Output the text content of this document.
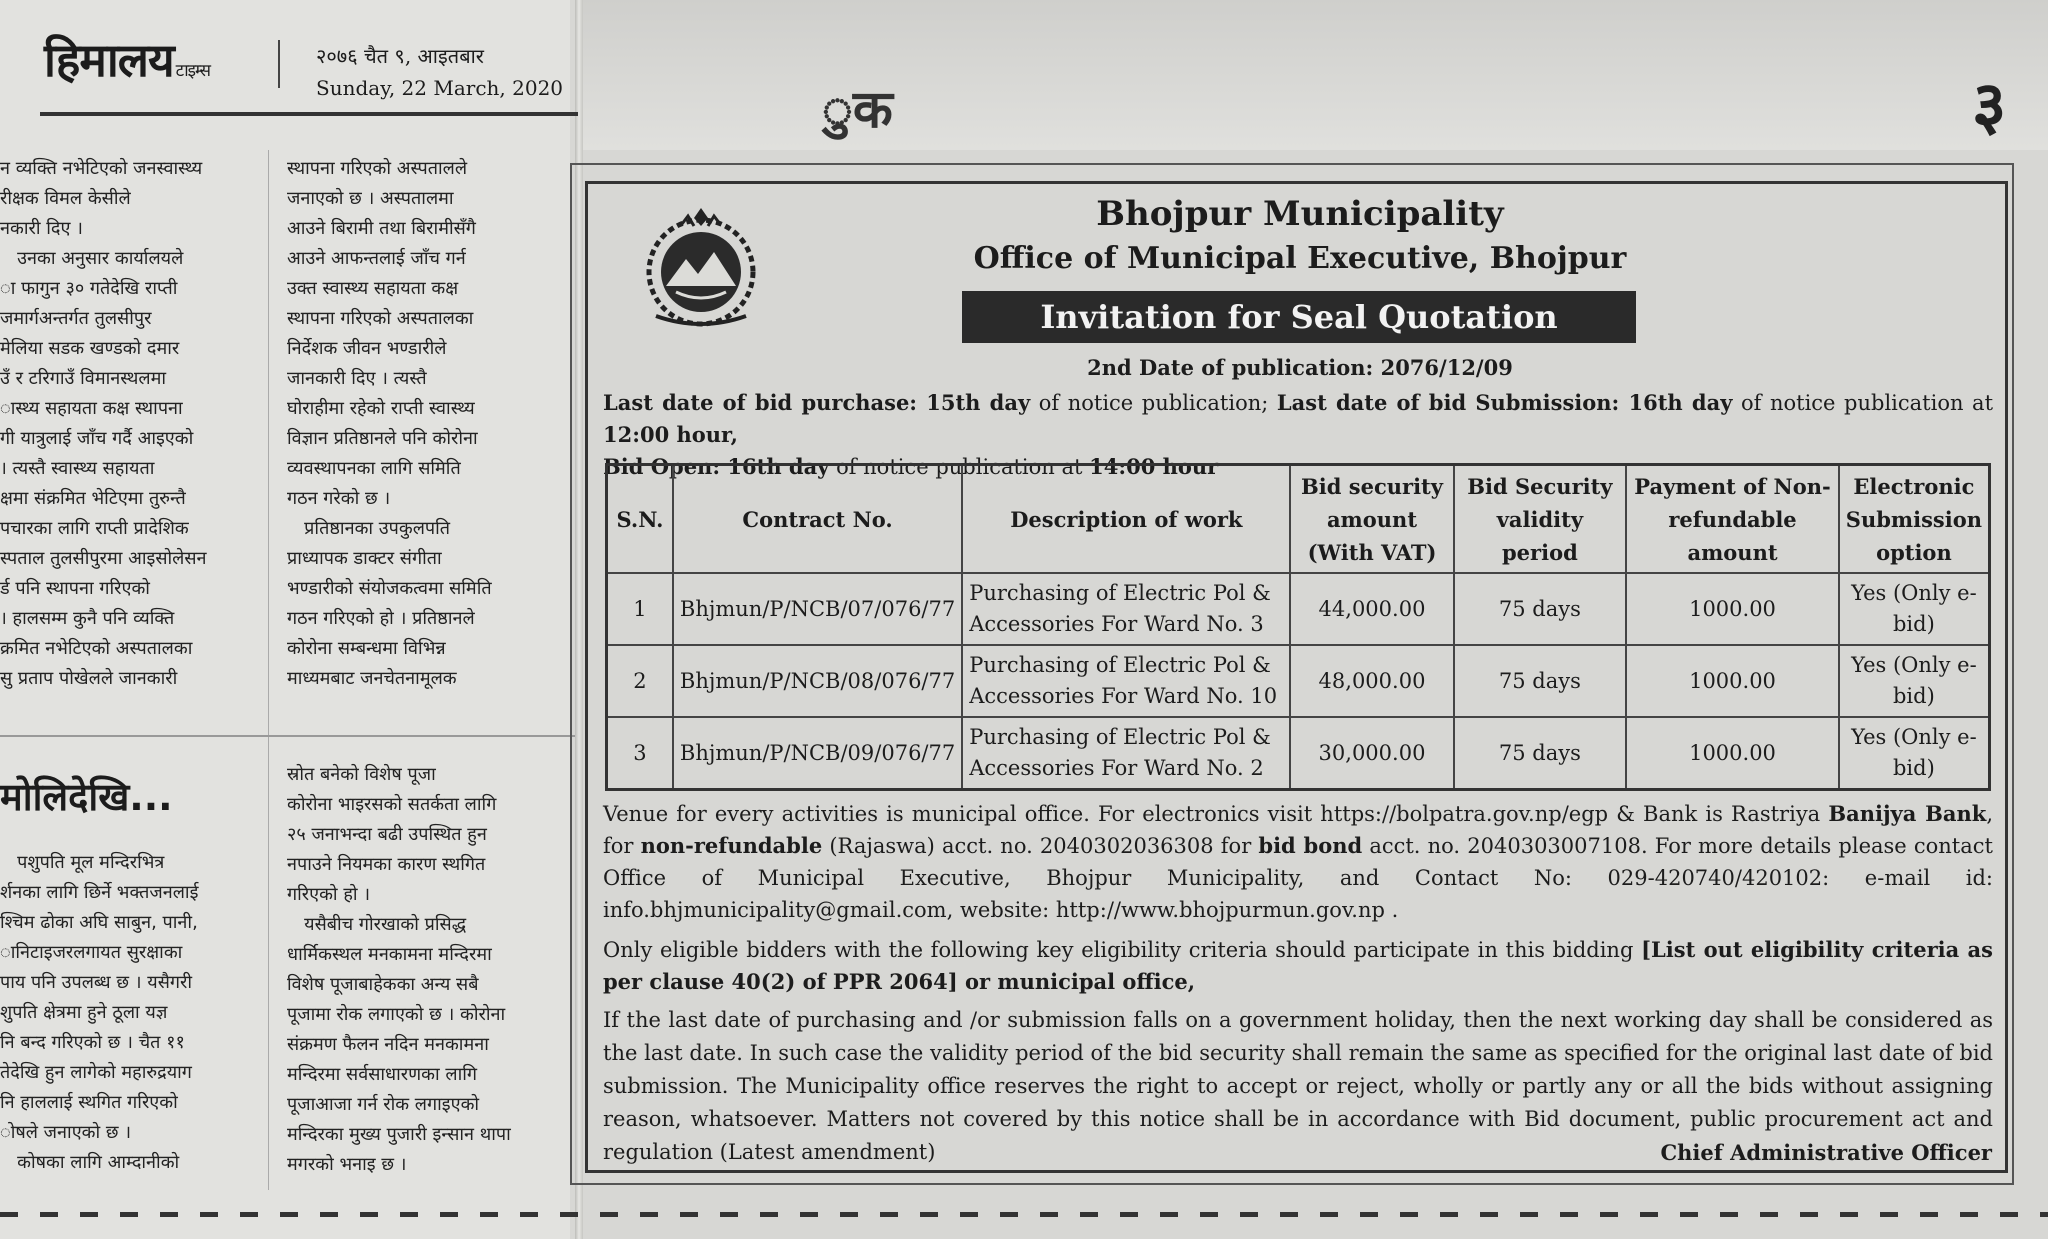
हिमालय टाइम्स
२०७६ चैत ९, आइतबार
Sunday, 22 March, 2020
न व्यक्ति नभेटिएको जनस्वास्थ्य
रीक्षक विमल केसीले
नकारी दिए ।
उनका अनुसार कार्यालयले
ा फागुन ३० गतेदेखि राप्ती
जमार्गअन्तर्गत तुलसीपुर
मेलिया सडक खण्डको दमार
उँ र टरिगाउँ विमानस्थलमा
ास्थ्य सहायता कक्ष स्थापना
गी यात्रुलाई जाँच गर्दै आइएको
। त्यस्तै स्वास्थ्य सहायता
क्षमा संक्रमित भेटिएमा तुरुन्तै
पचारका लागि राप्ती प्रादेशिक
स्पताल तुलसीपुरमा आइसोलेसन
र्ड पनि स्थापना गरिएको
। हालसम्म कुनै पनि व्यक्ति
क्रमित नभेटिएको अस्पतालका
सु प्रताप पोखेलले जानकारी
स्थापना गरिएको अस्पतालले
जनाएको छ । अस्पतालमा
आउने बिरामी तथा बिरामीसँगै
आउने आफन्तलाई जाँच गर्न
उक्त स्वास्थ्य सहायता कक्ष
स्थापना गरिएको अस्पतालका
निर्देशक जीवन भण्डारीले
जानकारी दिए । त्यस्तै
घोराहीमा रहेको राप्ती स्वास्थ्य
विज्ञान प्रतिष्ठानले पनि कोरोना
व्यवस्थापनका लागि समिति
गठन गरेको छ ।
प्रतिष्ठानका उपकुलपति
प्राध्यापक डाक्टर संगीता
भण्डारीको संयोजकत्वमा समिति
गठन गरिएको हो । प्रतिष्ठानले
कोरोना सम्बन्धमा विभिन्न
माध्यमबाट जनचेतनामूलक
मोलिदेखि...
पशुपति मूल मन्दिरभित्र
र्शनका लागि छिर्ने भक्तजनलाई
श्चिम ढोका अघि साबुन, पानी,
ानिटाइजरलगायत सुरक्षाका
पाय पनि उपलब्ध छ । यसैगरी
शुपति क्षेत्रमा हुने ठूला यज्ञ
नि बन्द गरिएको छ । चैत ११
तेदेखि हुन लागेको महारुद्रयाग
नि हाललाई स्थगित गरिएको
ोषले जनाएको छ ।
कोषका लागि आम्दानीको
स्रोत बनेको विशेष पूजा
कोरोना भाइरसको सतर्कता लागि
२५ जनाभन्दा बढी उपस्थित हुन
नपाउने नियमका कारण स्थगित
गरिएको हो ।
यसैबीच गोरखाको प्रसिद्ध
धार्मिकस्थल मनकामना मन्दिरमा
विशेष पूजाबाहेकका अन्य सबै
पूजामा रोक लगाएको छ । कोरोना
संक्रमण फैलन नदिन मनकामना
मन्दिरमा सर्वसाधारणका लागि
पूजाआजा गर्न रोक लगाइएको
मन्दिरका मुख्य पुजारी इन्सान थापा
मगरको भनाइ छ ।
ुक	३
Bhojpur Municipality
Office of Municipal Executive, Bhojpur
Invitation for Seal Quotation
2nd Date of publication: 2076/12/09
Last date of bid purchase: 15th day of notice publication; Last date of bid Submission: 16th day of notice publication at 12:00 hour,
Bid Open: 16th day of notice publication at 14:00 hour
S.N.	Contract No.	Description of work	Bid security amount (With VAT)	Bid Security validity period	Payment of Non-refundable amount	Electronic Submission option
1	Bhjmun/P/NCB/07/076/77	Purchasing of Electric Pol & Accessories For Ward No. 3	44,000.00	75 days	1000.00	Yes (Only e-bid)
2	Bhjmun/P/NCB/08/076/77	Purchasing of Electric Pol & Accessories For Ward No. 10	48,000.00	75 days	1000.00	Yes (Only e-bid)
3	Bhjmun/P/NCB/09/076/77	Purchasing of Electric Pol & Accessories For Ward No. 2	30,000.00	75 days	1000.00	Yes (Only e-bid)
Venue for every activities is municipal office. For electronics visit https://bolpatra.gov.np/egp & Bank is Rastriya Banijya Bank, for non-refundable (Rajaswa) acct. no. 2040302036308 for bid bond acct. no. 2040303007108. For more details please contact Office of Municipal Executive, Bhojpur Municipality, and Contact No: 029-420740/420102: e-mail id: info.bhjmunicipality@gmail.com, website: http://www.bhojpurmun.gov.np .
Only eligible bidders with the following key eligibility criteria should participate in this bidding [List out eligibility criteria as per clause 40(2) of PPR 2064] or municipal office,
If the last date of purchasing and /or submission falls on a government holiday, then the next working day shall be considered as the last date. In such case the validity period of the bid security shall remain the same as specified for the original last date of bid submission. The Municipality office reserves the right to accept or reject, wholly or partly any or all the bids without assigning reason, whatsoever. Matters not covered by this notice shall be in accordance with Bid document, public procurement act and regulation (Latest amendment)	Chief Administrative Officer
